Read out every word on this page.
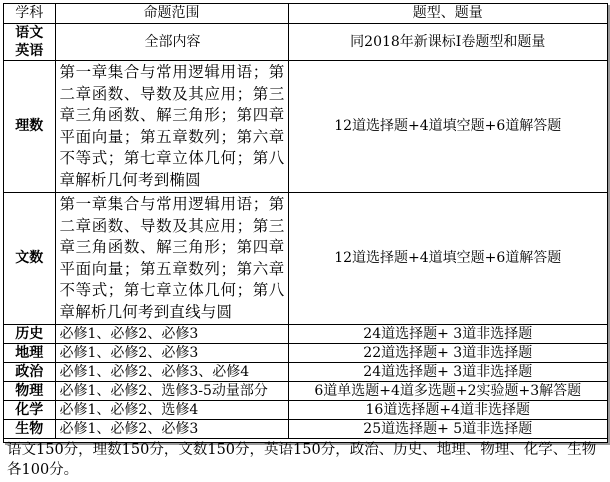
学科	命题范围	题型、题量

语文
英语	全部内容	同2018年新课标I卷题型和题量
理数	第一章集合与常用逻辑用语；第二章函数、导数及其应用；第三章三角函数、解三角形；第四章平面向量；第五章数列；第六章不等式；第七章立体几何；第八章解析几何考到椭圆	12道选择题+4道填空题+6道解答题
文数	第一章集合与常用逻辑用语；第二章函数、导数及其应用；第三章三角函数、解三角形；第四章平面向量；第五章数列；第六章不等式；第七章立体几何；第八章解析几何考到直线与圆	12道选择题+4道填空题+6道解答题
历史	必修1、必修2、必修3	24道选择题+ 3道非选择题
地理	必修1、必修2、必修3	22道选择题+ 3道非选择题
政治	必修1、必修2、必修3、必修4	24道选择题+ 3道非选择题
物理	必修1、必修2、选修3-5动量部分	6道单选题+4道多选题+2实验题+3解答题
化学	必修1、必修2、选修4	16道选择题+4道非选择题
生物	必修1、必修2、必修3	25道选择题+ 5道非选择题
语文150分，理数150分，文数150分，英语150分，政治、历史、地理、物理、化学、生物各100分。		
